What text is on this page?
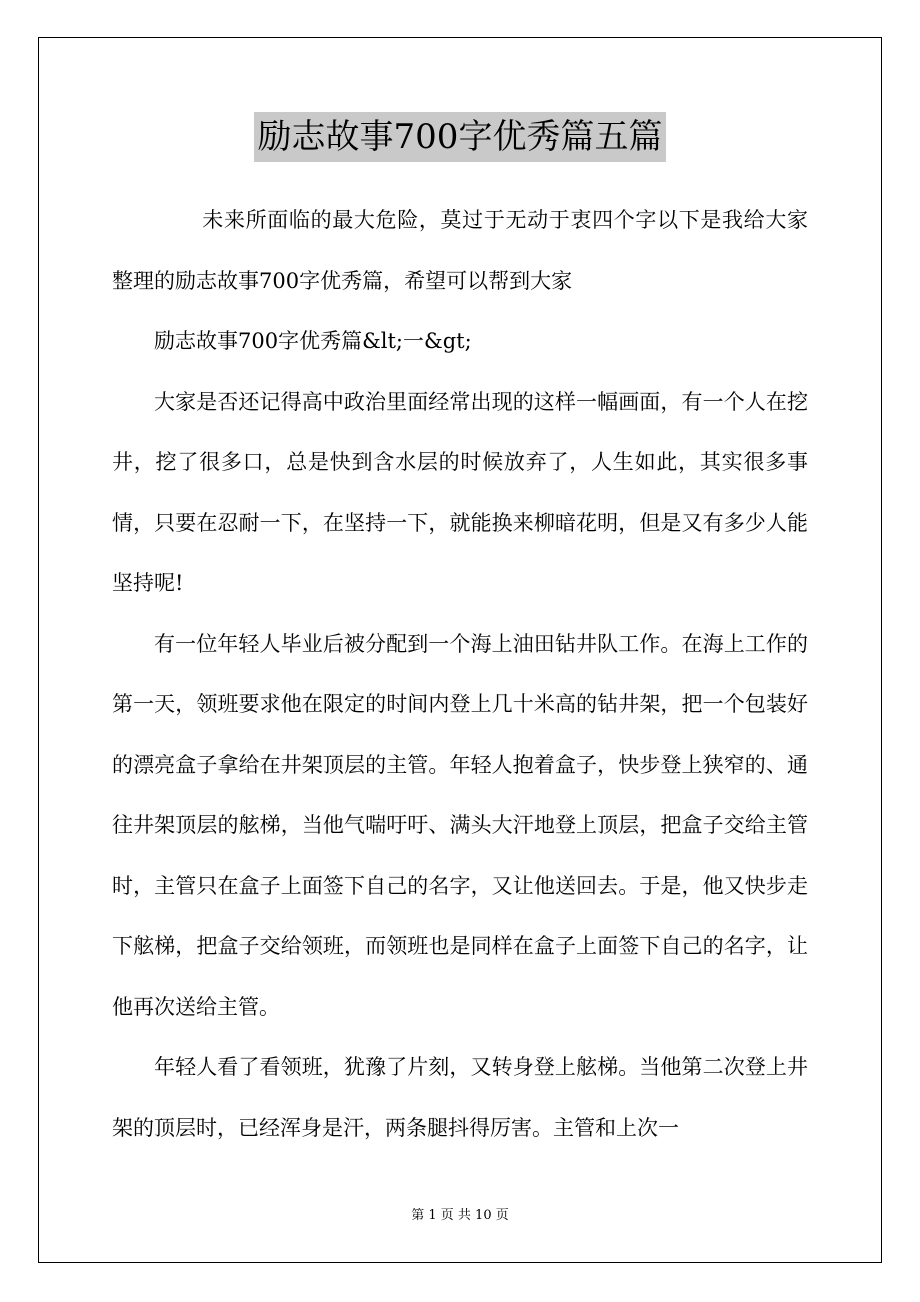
励志故事700字优秀篇五篇

未来所面临的最大危险，莫过于无动于衷四个字以下是我给大家整理的励志故事700字优秀篇，希望可以帮到大家

励志故事700字优秀篇&lt;一&gt;

大家是否还记得高中政治里面经常出现的这样一幅画面，有一个人在挖井，挖了很多口，总是快到含水层的时候放弃了，人生如此，其实很多事情，只要在忍耐一下，在坚持一下，就能换来柳暗花明，但是又有多少人能坚持呢!

有一位年轻人毕业后被分配到一个海上油田钻井队工作。在海上工作的第一天，领班要求他在限定的时间内登上几十米高的钻井架，把一个包装好的漂亮盒子拿给在井架顶层的主管。年轻人抱着盒子，快步登上狭窄的、通往井架顶层的舷梯，当他气喘吁吁、满头大汗地登上顶层，把盒子交给主管时，主管只在盒子上面签下自己的名字，又让他送回去。于是，他又快步走下舷梯，把盒子交给领班，而领班也是同样在盒子上面签下自己的名字，让他再次送给主管。

年轻人看了看领班，犹豫了片刻，又转身登上舷梯。当他第二次登上井架的顶层时，已经浑身是汗，两条腿抖得厉害。主管和上次一

第 1 页 共 10 页
